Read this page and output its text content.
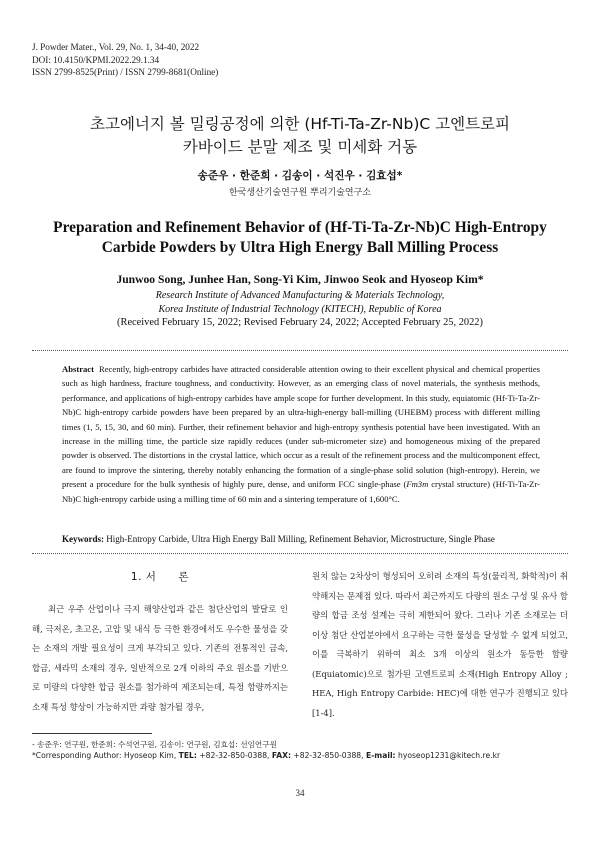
J. Powder Mater., Vol. 29, No. 1, 34-40, 2022
DOI: 10.4150/KPMI.2022.29.1.34
ISSN 2799-8525(Print) / ISSN 2799-8681(Online)
초고에너지 볼 밀링공정에 의한 (Hf-Ti-Ta-Zr-Nb)C 고엔트로피
카바이드 분말 제조 및 미세화 거동
송준우 · 한준희 · 김송이 · 석진우 · 김효섭*
한국생산기술연구원 뿌리기술연구소
Preparation and Refinement Behavior of (Hf-Ti-Ta-Zr-Nb)C High-Entropy
Carbide Powders by Ultra High Energy Ball Milling Process
Junwoo Song, Junhee Han, Song-Yi Kim, Jinwoo Seok and Hyoseop Kim*
Research Institute of Advanced Manufacturing & Materials Technology,
Korea Institute of Industrial Technology (KITECH), Republic of Korea
(Received February 15, 2022; Revised February 24, 2022; Accepted February 25, 2022)
Abstract Recently, high-entropy carbides have attracted considerable attention owing to their excellent physical and chemical properties such as high hardness, fracture toughness, and conductivity. However, as an emerging class of novel materials, the synthesis methods, performance, and applications of high-entropy carbides have ample scope for further development. In this study, equiatomic (Hf-Ti-Ta-Zr-Nb)C high-entropy carbide powders have been prepared by an ultra-high-energy ball-milling (UHEBM) process with different milling times (1, 5, 15, 30, and 60 min). Further, their refinement behavior and high-entropy synthesis potential have been investigated. With an increase in the milling time, the particle size rapidly reduces (under sub-micrometer size) and homogeneous mixing of the prepared powder is observed. The distortions in the crystal lattice, which occur as a result of the refinement process and the multicomponent effect, are found to improve the sintering, thereby notably enhancing the formation of a single-phase solid solution (high-entropy). Herein, we present a procedure for the bulk synthesis of highly pure, dense, and uniform FCC single-phase (Fm3m crystal structure) (Hf-Ti-Ta-Zr-Nb)C high-entropy carbide using a milling time of 60 min and a sintering temperature of 1,600°C.
Keywords: High-Entropy Carbide, Ultra High Energy Ball Milling, Refinement Behavior, Microstructure, Single Phase
1. 서　　론

최근 우주 산업이나 극지 해양산업과 같은 첨단산업의 발달로 인해, 극저온, 초고온, 고압 및 내식 등 극한 환경에서도 우수한 물성을 갖는 소재의 개발 필요성이 크게 부각되고 있다. 기존의 전통적인 금속, 합금, 세라믹 소재의 경우, 일반적으로 2개 이하의 주요 원소를 기반으로 미량의 다양한 합금 원소를 첨가하여 제조되는데, 특정 함량까지는 소재 특성 향상이 가능하지만 과량 첨가될 경우,

원치 않는 2차상이 형성되어 오히려 소재의 특성(물리적, 화학적)이 취약해지는 문제점 있다. 따라서 최근까지도 다량의 원소 구성 및 유사 함량의 합금 조성 설계는 극히 제한되어 왔다. 그러나 기존 소재로는 더 이상 첨단 산업분야에서 요구하는 극한 물성을 달성할 수 없게 되었고, 이를 극복하기 위하여 최소 3개 이상의 원소가 동등한 함량(Equiatomic)으로 첨가된 고엔트로피 소재(High Entropy Alloy ; HEA, High Entropy Carbide: HEC)에 대한 연구가 진행되고 있다[1-4].

- 송준우: 연구원, 한준희: 수석연구원, 김송이: 연구원, 김효섭: 선임연구원
*Corresponding Author: Hyoseop Kim, TEL: +82-32-850-0388, FAX: +82-32-850-0388, E-mail: hyoseop1231@kitech.re.kr
34
